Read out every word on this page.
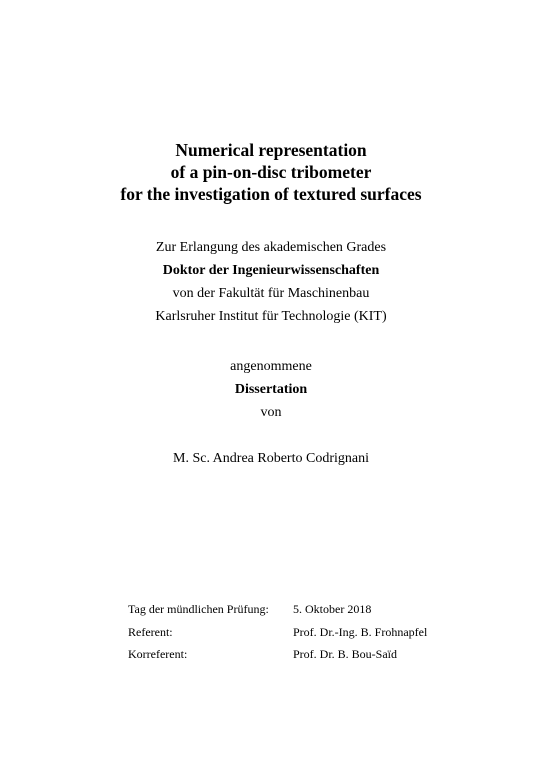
Numerical representation
of a pin-on-disc tribometer
for the investigation of textured surfaces
Zur Erlangung des akademischen Grades
Doktor der Ingenieurwissenschaften
von der Fakultät für Maschinenbau
Karlsruher Institut für Technologie (KIT)
angenommene
Dissertation
von
M. Sc. Andrea Roberto Codrignani
Tag der mündlichen Prüfung:	5. Oktober 2018
Referent:	Prof. Dr.-Ing. B. Frohnapfel
Korreferent:	Prof. Dr. B. Bou-Saïd
